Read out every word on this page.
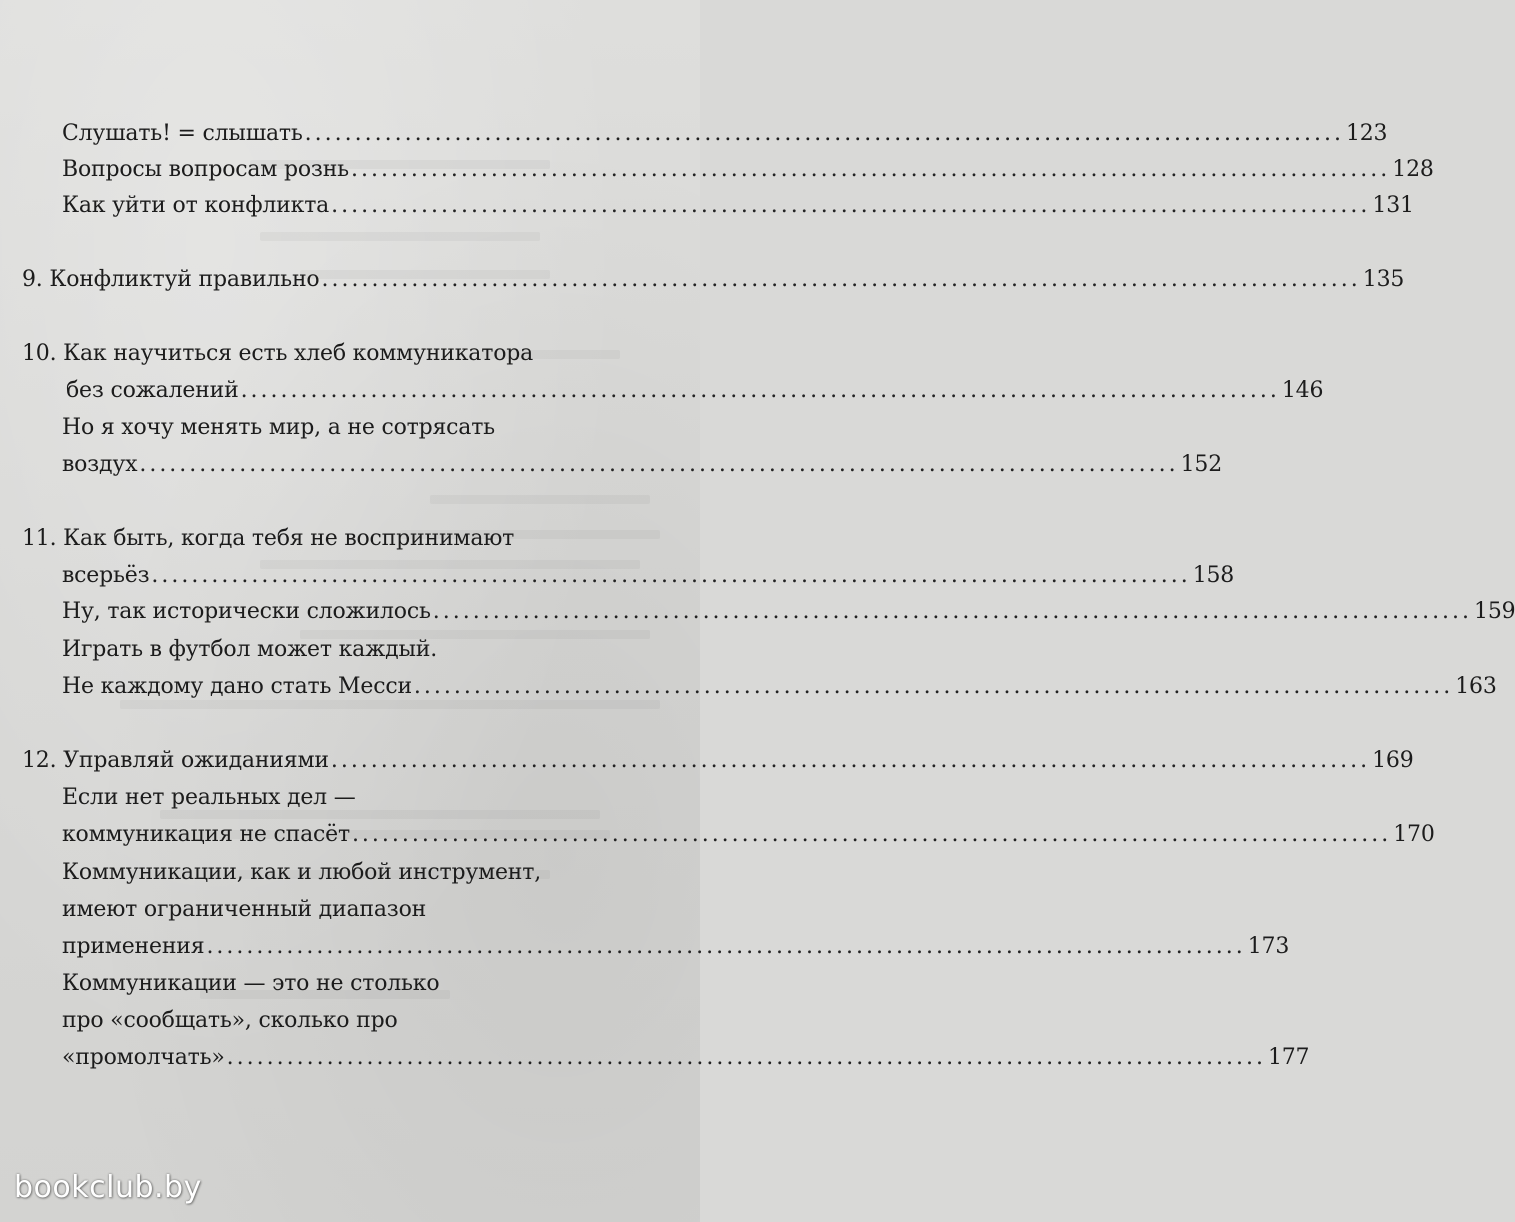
Слушать! = слышать ........................................................................................................ 123
Вопросы вопросам рознь ........................................................................................................ 128
Как уйти от конфликта ........................................................................................................ 131
9. Конфликтуй правильно ........................................................................................................ 135
10. Как научиться есть хлеб коммуникатора
без сожалений ........................................................................................................ 146
Но я хочу менять мир, а не сотрясать
воздух ........................................................................................................ 152
11. Как быть, когда тебя не воспринимают
всерьёз ........................................................................................................ 158
Ну, так исторически сложилось ........................................................................................................ 159
Играть в футбол может каждый.
Не каждому дано стать Месси ........................................................................................................ 163
12. Управляй ожиданиями ........................................................................................................ 169
Если нет реальных дел —
коммуникация не спасёт ........................................................................................................ 170
Коммуникации, как и любой инструмент,
имеют ограниченный диапазон
применения ........................................................................................................ 173
Коммуникации — это не столько
про «сообщать», сколько про
«промолчать» ........................................................................................................ 177
bookclub.by
